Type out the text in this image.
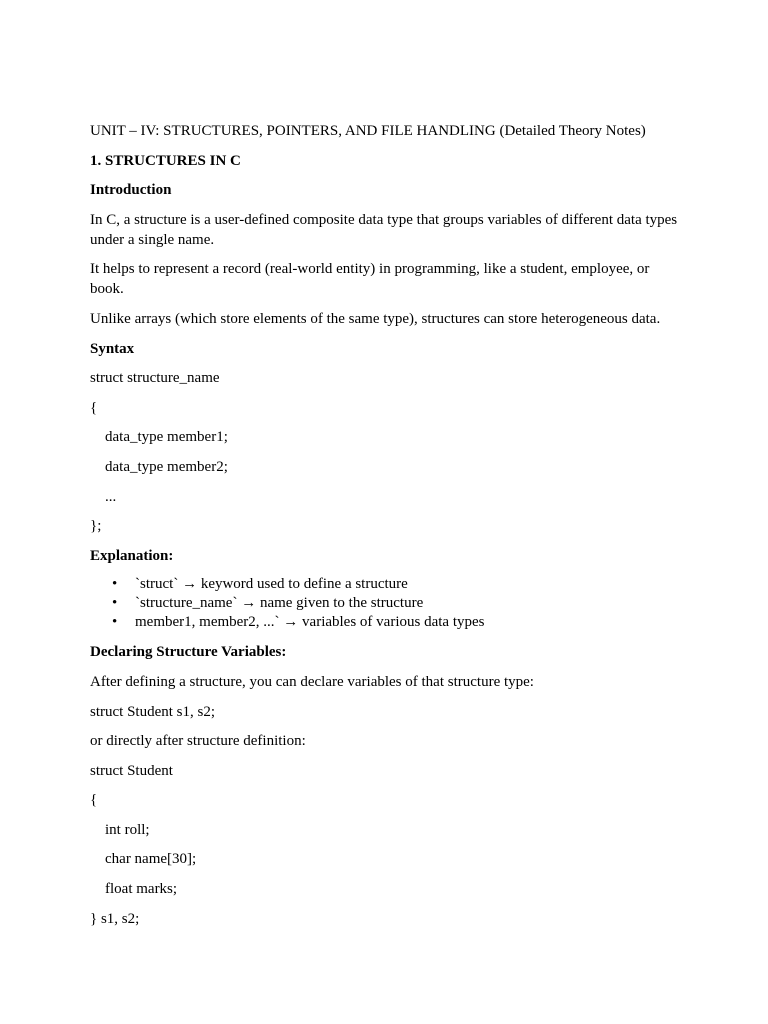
UNIT – IV: STRUCTURES, POINTERS, AND FILE HANDLING (Detailed Theory Notes)

1. STRUCTURES IN C

Introduction

In C, a structure is a user-defined composite data type that groups variables of different data types under a single name.

It helps to represent a record (real-world entity) in programming, like a student, employee, or book.

Unlike arrays (which store elements of the same type), structures can store heterogeneous data.

Syntax

struct structure_name

{

data_type member1;

data_type member2;

...

};

Explanation:

• `struct` → keyword used to define a structure
• `structure_name` → name given to the structure
• member1, member2, ...` → variables of various data types

Declaring Structure Variables:

After defining a structure, you can declare variables of that structure type:

struct Student s1, s2;

or directly after structure definition:

struct Student

{

int roll;

char name[30];

float marks;

} s1, s2;
